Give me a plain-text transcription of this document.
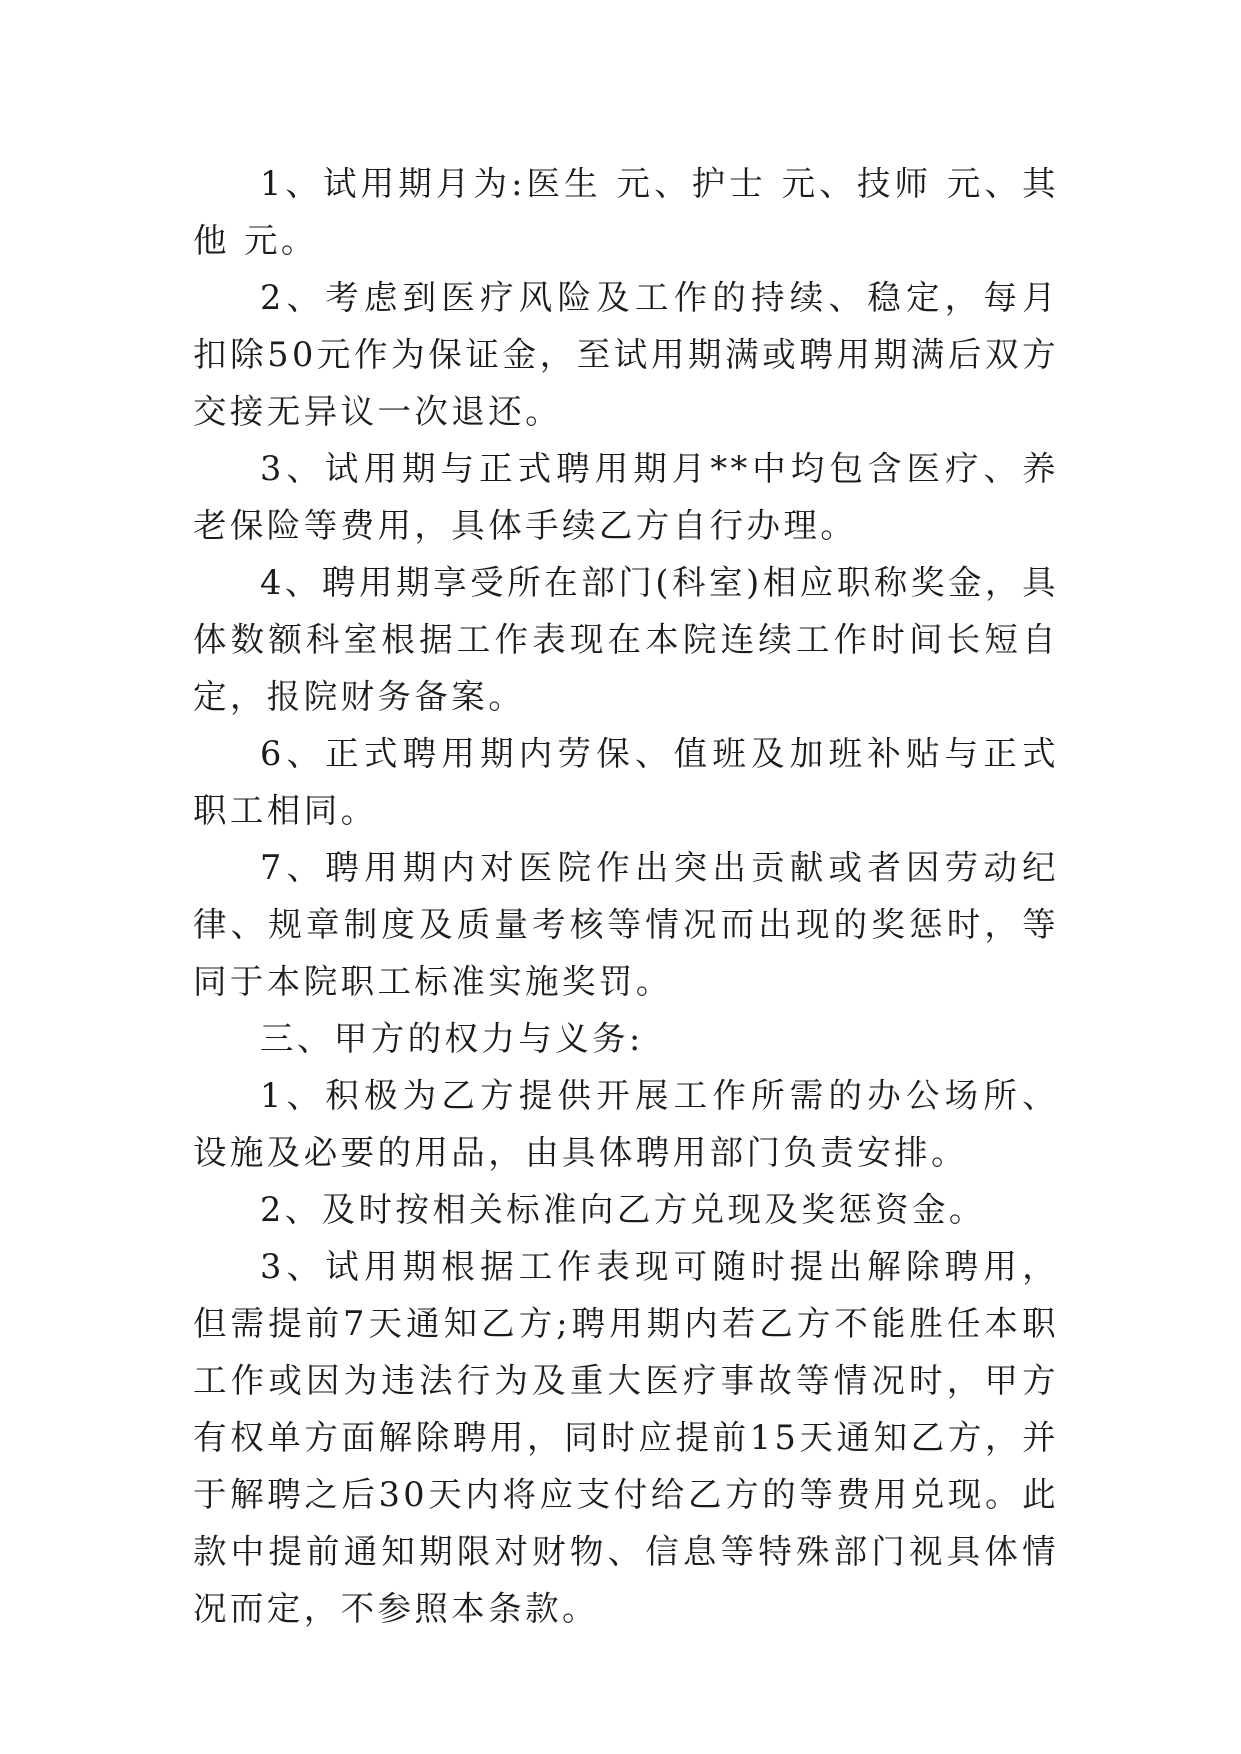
1、试用期月为:医生 元、护士 元、技师 元、其他 元。

2、考虑到医疗风险及工作的持续、稳定，每月扣除50元作为保证金，至试用期满或聘用期满后双方交接无异议一次退还。

3、试用期与正式聘用期月**中均包含医疗、养老保险等费用，具体手续乙方自行办理。

4、聘用期享受所在部门(科室)相应职称奖金，具体数额科室根据工作表现在本院连续工作时间长短自定，报院财务备案。

6、正式聘用期内劳保、值班及加班补贴与正式职工相同。

7、聘用期内对医院作出突出贡献或者因劳动纪律、规章制度及质量考核等情况而出现的奖惩时，等同于本院职工标准实施奖罚。

三、甲方的权力与义务:

1、积极为乙方提供开展工作所需的办公场所、设施及必要的用品，由具体聘用部门负责安排。

2、及时按相关标准向乙方兑现及奖惩资金。

3、试用期根据工作表现可随时提出解除聘用，但需提前7天通知乙方;聘用期内若乙方不能胜任本职工作或因为违法行为及重大医疗事故等情况时，甲方有权单方面解除聘用，同时应提前15天通知乙方，并于解聘之后30天内将应支付给乙方的等费用兑现。此款中提前通知期限对财物、信息等特殊部门视具体情况而定，不参照本条款。
